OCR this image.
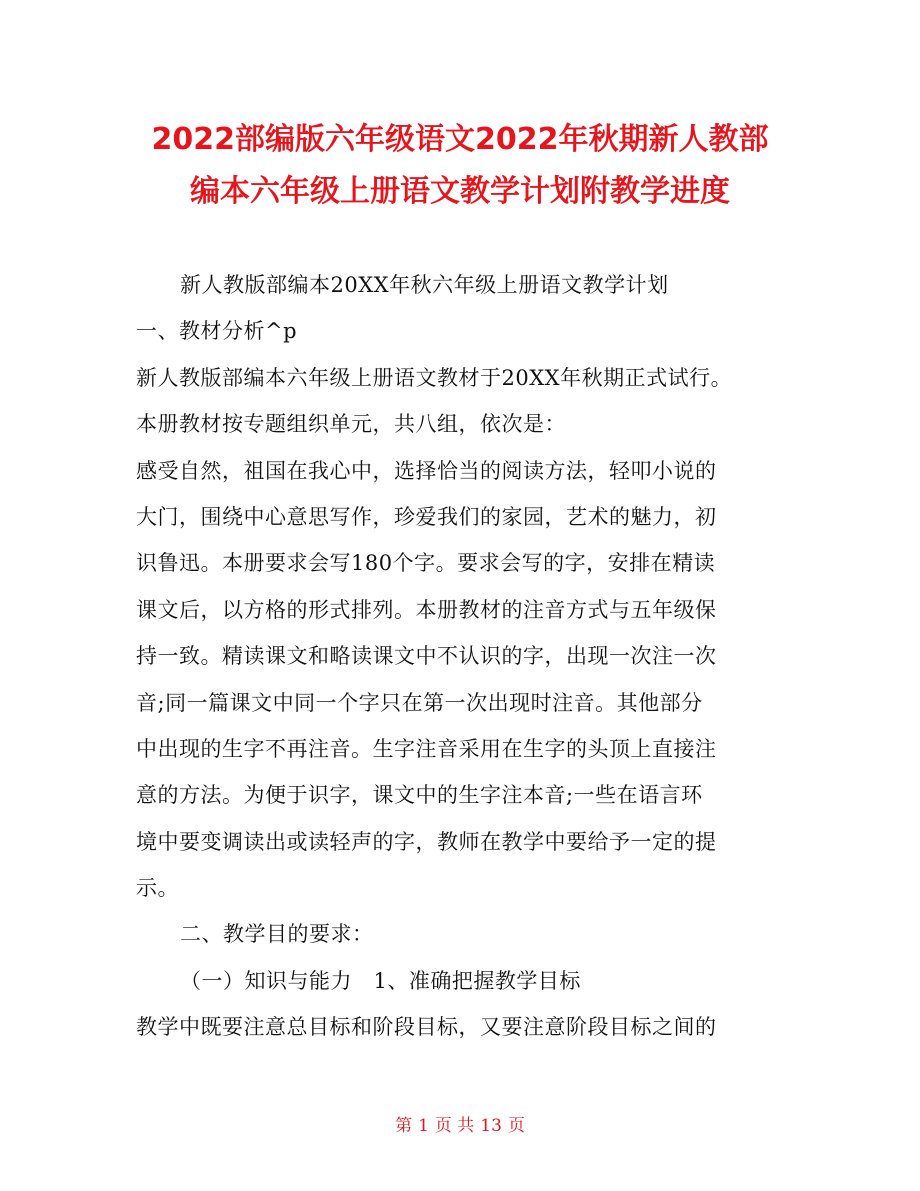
2022部编版六年级语文2022年秋期新人教部
编本六年级上册语文教学计划附教学进度
新人教版部编本20XX年秋六年级上册语文教学计划
一、教材分析^p
新人教版部编本六年级上册语文教材于20XX年秋期正式试行。
本册教材按专题组织单元，共八组，依次是：
感受自然，祖国在我心中，选择恰当的阅读方法，轻叩小说的
大门，围绕中心意思写作，珍爱我们的家园，艺术的魅力，初
识鲁迅。本册要求会写180个字。要求会写的字，安排在精读
课文后，以方格的形式排列。本册教材的注音方式与五年级保
持一致。精读课文和略读课文中不认识的字，出现一次注一次
音;同一篇课文中同一个字只在第一次出现时注音。其他部分
中出现的生字不再注音。生字注音采用在生字的头顶上直接注
意的方法。为便于识字，课文中的生字注本音;一些在语言环
境中要变调读出或读轻声的字，教师在教学中要给予一定的提
示。
二、教学目的要求：
（一）知识与能力　1、准确把握教学目标
教学中既要注意总目标和阶段目标，又要注意阶段目标之间的
第 1 页 共 13 页
